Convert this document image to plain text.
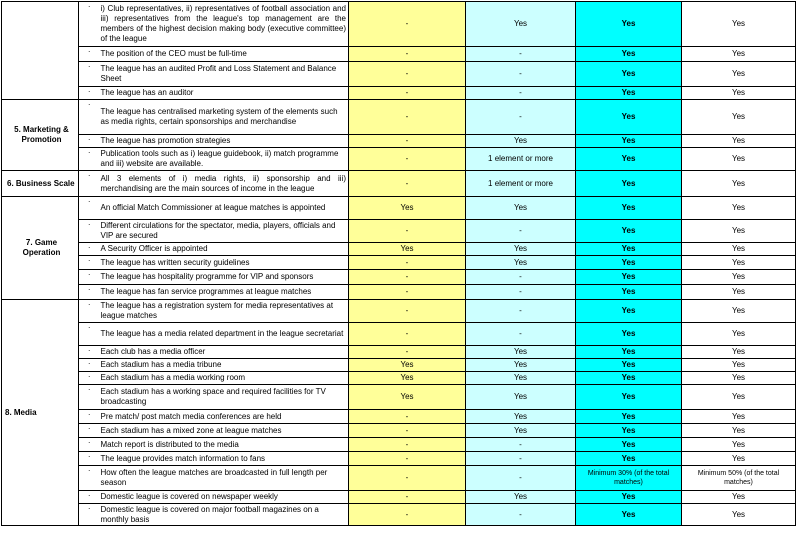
	·	i) Club representatives, ii) representatives of football association and iii) representatives from the league's top management are the members of the highest decision making body (executive committee) of the league	-	Yes	Yes	Yes
	·	The position of the CEO must be full-time	-	-	Yes	Yes
	·	The league has an audited Profit and Loss Statement and Balance Sheet	-	-	Yes	Yes
	·	The league has an auditor	-	-	Yes	Yes
5. Marketing & Promotion	·	The league has centralised marketing system of the elements such as media rights, certain sponsorships and merchandise	-	-	Yes	Yes
	·	The league has promotion strategies	-	Yes	Yes	Yes
	·	Publication tools such as i) league guidebook, ii) match programme and iii) website are available.	-	1 element or more	Yes	Yes
6. Business Scale	·	All 3 elements of i) media rights, ii) sponsorship and iii) merchandising are the main sources of income in the league	-	1 element or more	Yes	Yes
7. Game Operation	·	An official Match Commissioner at league matches is appointed	Yes	Yes	Yes	Yes
	·	Different circulations for the spectator, media, players, officials and VIP are secured	-	-	Yes	Yes
	·	A Security Officer is appointed	Yes	Yes	Yes	Yes
	·	The league has written security guidelines	-	Yes	Yes	Yes
	·	The league has hospitality programme for VIP and sponsors	-	-	Yes	Yes
	·	The league has fan service programmes at league matches	-	-	Yes	Yes
8. Media	·	The league has a registration system for media representatives at league matches	-	-	Yes	Yes
	·	The league has a media related department in the league secretariat	-	-	Yes	Yes
	·	Each club has a media officer	-	Yes	Yes	Yes
	·	Each stadium has a media tribune	Yes	Yes	Yes	Yes
	·	Each stadium has a media working room	Yes	Yes	Yes	Yes
	·	Each stadium has a working space and required facilities for TV broadcasting	Yes	Yes	Yes	Yes
	·	Pre match/ post match media conferences are held	-	Yes	Yes	Yes
	·	Each stadium has a mixed zone at league matches	-	Yes	Yes	Yes
	·	Match report is distributed to the media	-	-	Yes	Yes
	·	The league provides match information to fans	-	-	Yes	Yes
	·	How often the league matches are broadcasted in full length per season	-	-	Minimum 30% (of the total matches)	Minimum 50% (of the total matches)
	·	Domestic league is covered on newspaper weekly	-	Yes	Yes	Yes
	·	Domestic league is covered on major football magazines on a monthly basis	-	-	Yes	Yes
